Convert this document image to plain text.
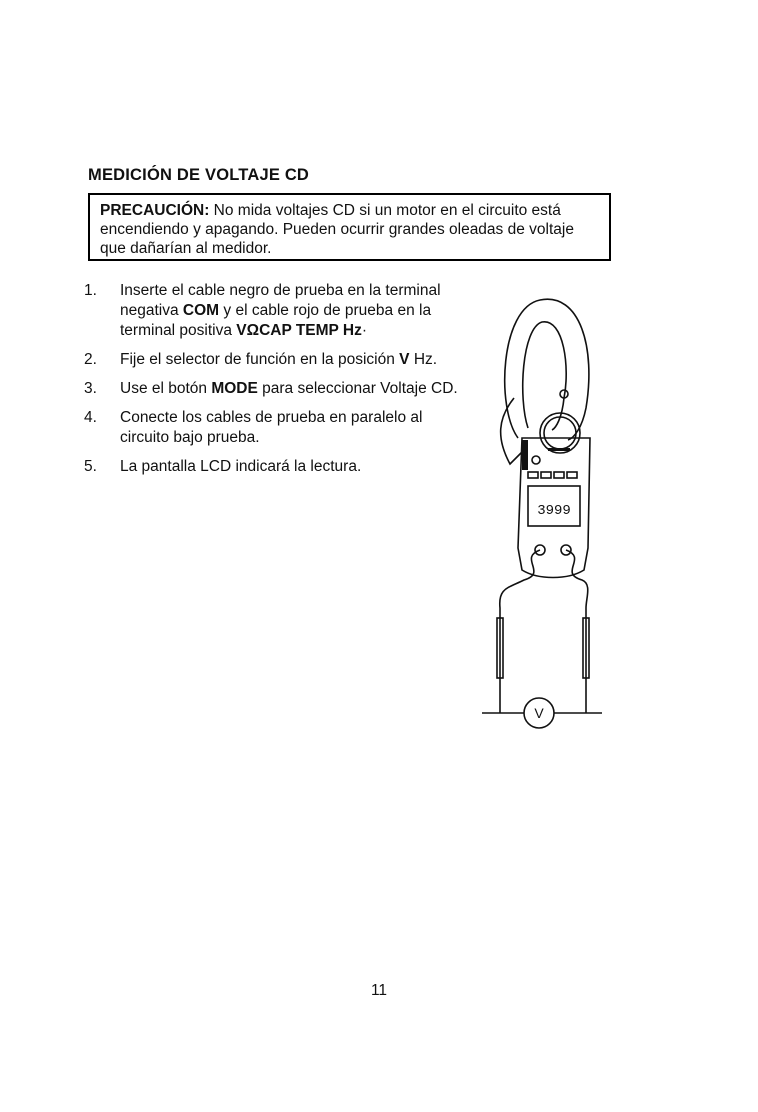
MEDICIÓN DE VOLTAJE CD
PRECAUCIÓN: No mida voltajes CD si un motor en el circuito está encendiendo y apagando. Pueden ocurrir grandes oleadas de voltaje que dañarían al medidor.
1. Inserte el cable negro de prueba en la terminal negativa COM y el cable rojo de prueba en la terminal positiva VΩCAP TEMP Hz·
2. Fije el selector de función en la posición V Hz.
3. Use el botón MODE para seleccionar Voltaje CD.
4. Conecte los cables de prueba en paralelo al circuito bajo prueba.
5. La pantalla LCD indicará la lectura.
3999
V
11
